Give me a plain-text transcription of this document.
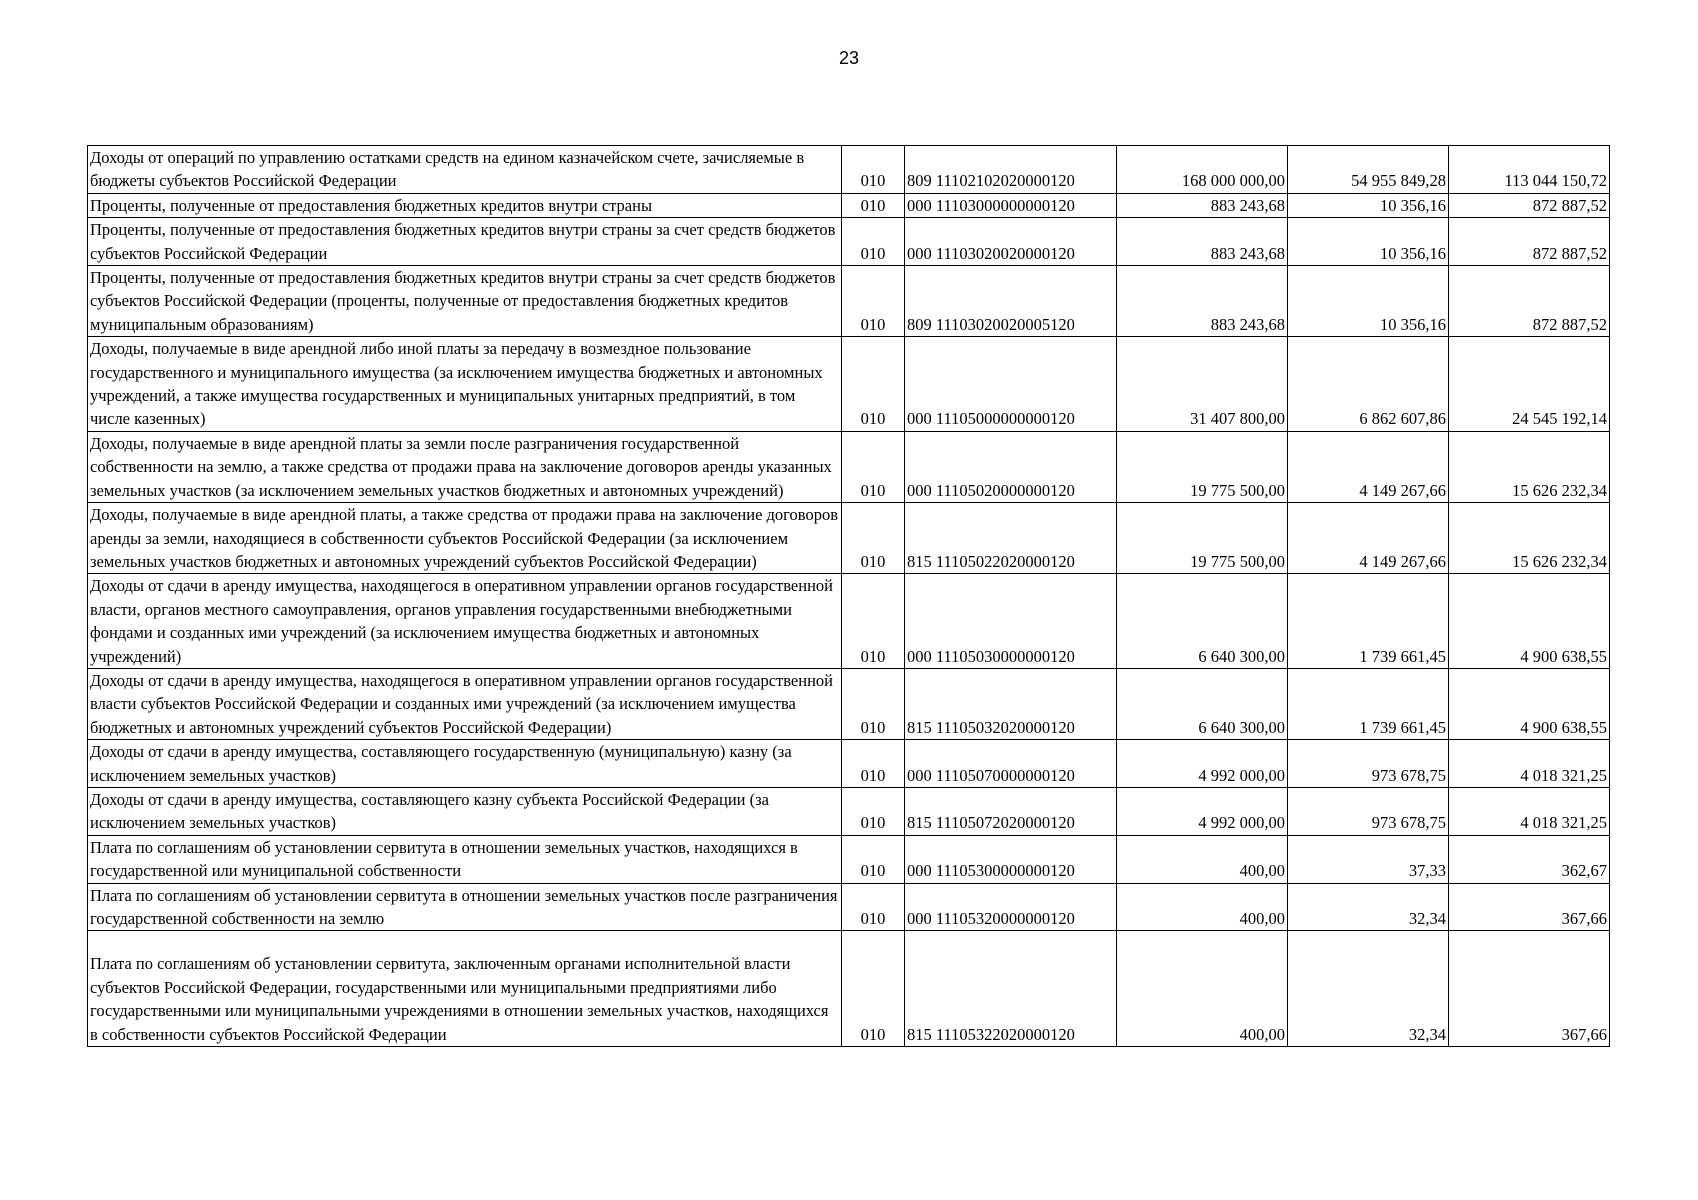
23
Доходы от операций по управлению остатками средств на едином казначейском счете, зачисляемые в бюджеты субъектов Российской Федерации	010	809 11102102020000120	168 000 000,00	54 955 849,28	113 044 150,72
Проценты, полученные от предоставления бюджетных кредитов внутри страны	010	000 11103000000000120	883 243,68	10 356,16	872 887,52
Проценты, полученные от предоставления бюджетных кредитов внутри страны за счет средств бюджетов субъектов Российской Федерации	010	000 11103020020000120	883 243,68	10 356,16	872 887,52
Проценты, полученные от предоставления бюджетных кредитов внутри страны за счет средств бюджетов субъектов Российской Федерации (проценты, полученные от предоставления бюджетных кредитов муниципальным образованиям)	010	809 11103020020005120	883 243,68	10 356,16	872 887,52
Доходы, получаемые в виде арендной либо иной платы за передачу в возмездное пользование государственного и муниципального имущества (за исключением имущества бюджетных и автономных учреждений, а также имущества государственных и муниципальных унитарных предприятий, в том числе казенных)	010	000 11105000000000120	31 407 800,00	6 862 607,86	24 545 192,14
Доходы, получаемые в виде арендной платы за земли после разграничения государственной собственности на землю, а также средства от продажи права на заключение договоров аренды указанных земельных участков (за исключением земельных участков бюджетных и автономных учреждений)	010	000 11105020000000120	19 775 500,00	4 149 267,66	15 626 232,34
Доходы, получаемые в виде арендной платы, а также средства от продажи права на заключение договоров аренды за земли, находящиеся в собственности субъектов Российской Федерации (за исключением земельных участков бюджетных и автономных учреждений субъектов Российской Федерации)	010	815 11105022020000120	19 775 500,00	4 149 267,66	15 626 232,34
Доходы от сдачи в аренду имущества, находящегося в оперативном управлении органов государственной власти, органов местного самоуправления, органов управления государственными внебюджетными фондами и созданных ими учреждений (за исключением имущества бюджетных и автономных учреждений)	010	000 11105030000000120	6 640 300,00	1 739 661,45	4 900 638,55
Доходы от сдачи в аренду имущества, находящегося в оперативном управлении органов государственной власти субъектов Российской Федерации и созданных ими учреждений (за исключением имущества бюджетных и автономных учреждений субъектов Российской Федерации)	010	815 11105032020000120	6 640 300,00	1 739 661,45	4 900 638,55
Доходы от сдачи в аренду имущества, составляющего государственную (муниципальную) казну (за исключением земельных участков)	010	000 11105070000000120	4 992 000,00	973 678,75	4 018 321,25
Доходы от сдачи в аренду имущества, составляющего казну субъекта Российской Федерации (за исключением земельных участков)	010	815 11105072020000120	4 992 000,00	973 678,75	4 018 321,25
Плата по соглашениям об установлении сервитута в отношении земельных участков, находящихся в государственной или муниципальной собственности	010	000 11105300000000120	400,00	37,33	362,67
Плата по соглашениям об установлении сервитута в отношении земельных участков после разграничения государственной собственности на землю	010	000 11105320000000120	400,00	32,34	367,66
Плата по соглашениям об установлении сервитута, заключенным органами исполнительной власти субъектов Российской Федерации, государственными или муниципальными предприятиями либо государственными или муниципальными учреждениями в отношении земельных участков, находящихся в собственности субъектов Российской Федерации	010	815 11105322020000120	400,00	32,34	367,66
